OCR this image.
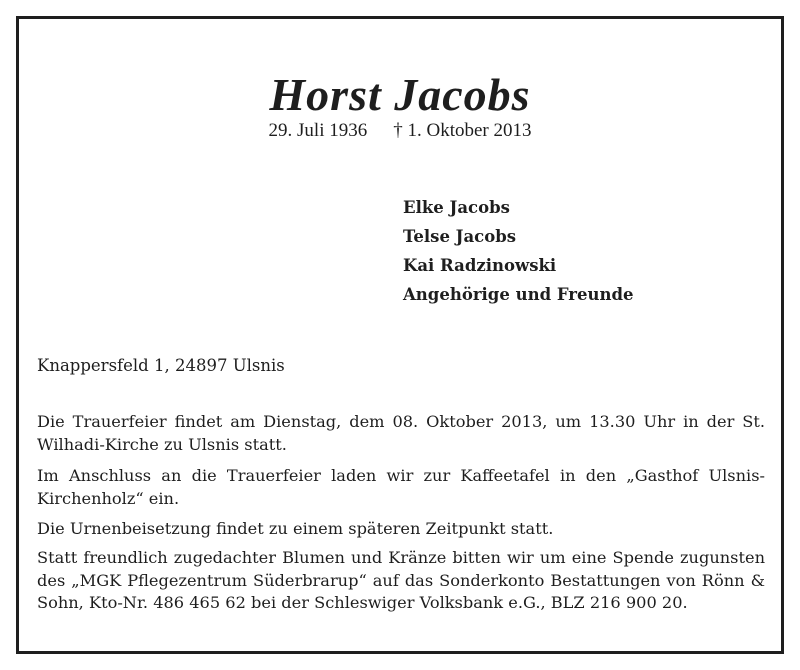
Horst Jacobs
29. Juli 1936 † 1. Oktober 2013
Elke Jacobs
Telse Jacobs
Kai Radzinowski
Angehörige und Freunde
Knappersfeld 1, 24897 Ulsnis
Die Trauerfeier findet am Dienstag, dem 08. Oktober 2013, um 13.30 Uhr in der St. Wilhadi-Kirche zu Ulsnis statt.
Im Anschluss an die Trauerfeier laden wir zur Kaffeetafel in den „Gasthof Ulsnis-Kirchenholz“ ein.
Die Urnenbeisetzung findet zu einem späteren Zeitpunkt statt.
Statt freundlich zugedachter Blumen und Kränze bitten wir um eine Spende zugunsten des „MGK Pflegezentrum Süderbrarup“ auf das Sonderkonto Bestattungen von Rönn & Sohn, Kto-Nr. 486 465 62 bei der Schleswiger Volksbank e.G., BLZ 216 900 20.
